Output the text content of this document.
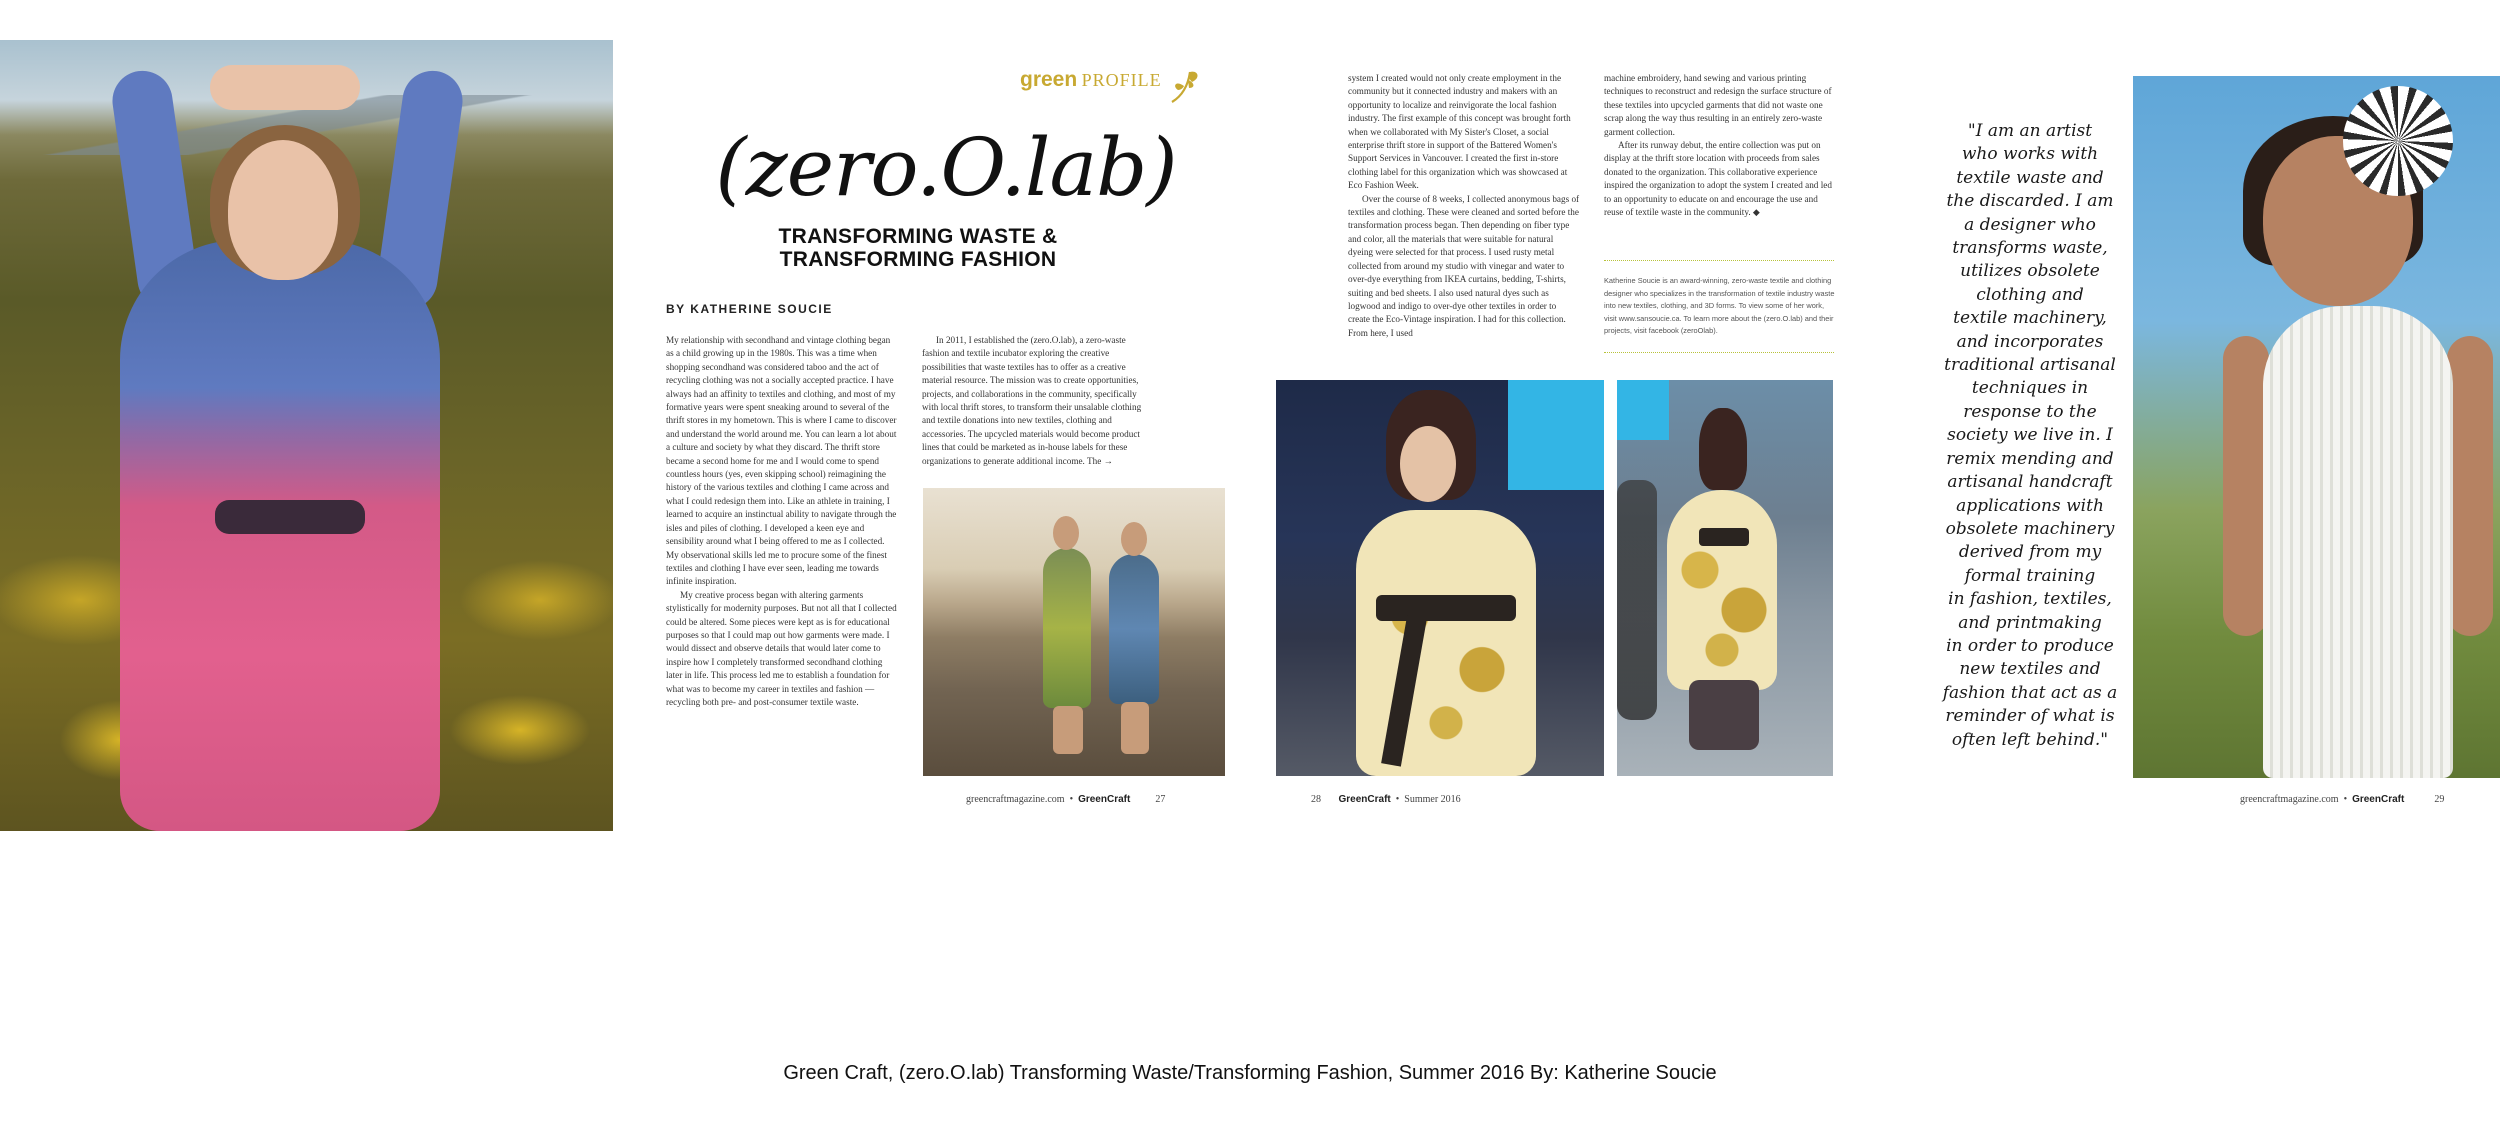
76 GreenCraft • Summer 2016
green PROFILE
(zero.O.lab)
TRANSFORMING WASTE &
TRANSFORMING FASHION
BY KATHERINE SOUCIE

My relationship with secondhand and vintage clothing began as a child growing up in the 1980s. This was a time when shopping secondhand was considered taboo and the act of recycling clothing was not a socially accepted practice. I have always had an affinity to textiles and clothing, and most of my formative years were spent sneaking around to several of the thrift stores in my hometown. This is where I came to discover and understand the world around me. You can learn a lot about a culture and society by what they discard. The thrift store became a second home for me and I would come to spend countless hours (yes, even skipping school) reimagining the history of the various textiles and clothing I came across and what I could redesign them into. Like an athlete in training, I learned to acquire an instinctual ability to navigate through the isles and piles of clothing. I developed a keen eye and sensibility around what I being offered to me as I collected. My observational skills led me to procure some of the finest textiles and clothing I have ever seen, leading me towards infinite inspiration.

My creative process began with altering garments stylistically for modernity purposes. But not all that I collected could be altered. Some pieces were kept as is for educational purposes so that I could map out how garments were made. I would dissect and observe details that would later come to inspire how I completely transformed secondhand clothing later in life. This process led me to establish a foundation for what was to become my career in textiles and fashion — recycling both pre- and post-consumer textile waste.

In 2011, I established the (zero.O.lab), a zero-waste fashion and textile incubator exploring the creative possibilities that waste textiles has to offer as a creative material resource. The mission was to create opportunities, projects, and collaborations in the community, specifically with local thrift stores, to transform their unsalable clothing and textile donations into new textiles, clothing and accessories. The upcycled materials would become product lines that could be marketed as in-house labels for these organizations to generate additional income. The →

greencraftmagazine.com  •  GreenCraft	27

system I created would not only create employment in the community but it connected industry and makers with an opportunity to localize and reinvigorate the local fashion industry. The first example of this concept was brought forth when we collaborated with My Sister's Closet, a social enterprise thrift store in support of the Battered Women's Support Services in Vancouver. I created the first in-store clothing label for this organization which was showcased at Eco Fashion Week.

Over the course of 8 weeks, I collected anonymous bags of textiles and clothing. These were cleaned and sorted before the transformation process began. Then depending on fiber type and color, all the materials that were suitable for natural dyeing were selected for that process. I used rusty metal collected from around my studio with vinegar and water to over-dye everything from IKEA curtains, bedding, T-shirts, suiting and bed sheets. I also used natural dyes such as logwood and indigo to over-dye other textiles in order to create the Eco-Vintage inspiration. I had for this collection. From here, I used

machine embroidery, hand sewing and various printing techniques to reconstruct and redesign the surface structure of these textiles into upcycled garments that did not waste one scrap along the way thus resulting in an entirely zero-waste garment collection.

After its runway debut, the entire collection was put on display at the thrift store location with proceeds from sales donated to the organization. This collaborative experience inspired the organization to adopt the system I created and led to an opportunity to educate on and encourage the use and reuse of textile waste in the community. ◆

Katherine Soucie is an award-winning, zero-waste textile and clothing designer who specializes in the transformation of textile industry waste into new textiles, clothing, and 3D forms. To view some of her work, visit www.sansoucie.ca. To learn more about the (zero.O.lab) and their projects, visit facebook (zeroOlab).
28 GreenCraft  •  Summer 2016
"I am an artist
who works with
textile waste and
the discarded. I am
a designer who
transforms waste,
utilizes obsolete
clothing and
textile machinery,
and incorporates
traditional artisanal
techniques in
response to the
society we live in. I
remix mending and
artisanal handcraft
applications with
obsolete machinery
derived from my
formal training
in fashion, textiles,
and printmaking
in order to produce
new textiles and
fashion that act as a
reminder of what is
often left behind."
greencraftmagazine.com  •  GreenCraft	29
Green Craft, (zero.O.lab) Transforming Waste/Transforming Fashion, Summer 2016 By: Katherine Soucie
